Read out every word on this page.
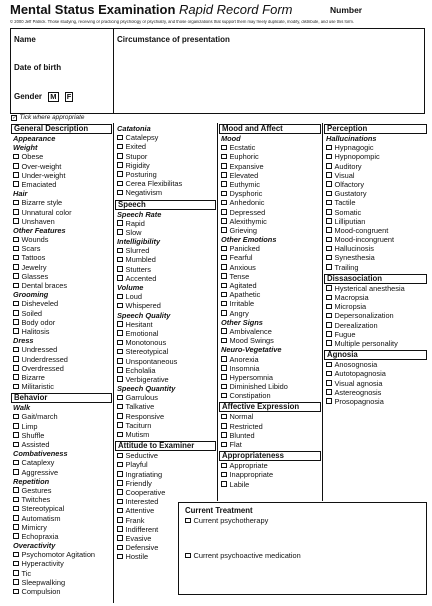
Mental Status Examination Rapid Record Form	Number
© 2000 Jeff Patrick. Those studying, receiving or practicing psychology or psychiatry, and those organizations that support them may freely duplicate, modify, distribute, and use this form.
Name
Date of birth
Gender M F
Circumstance of presentation
✓ Tick where appropriate
General Description
Appearance
Weight
Obese
Over-weight
Under-weight
Emaciated
Hair
Bizarre style
Unnatural color
Unshaven
Other Features
Wounds
Scars
Tattoos
Jewelry
Glasses
Dental braces
Grooming
Disheveled
Soiled
Body odor
Halitosis
Dress
Undressed
Underdressed
Overdressed
Bizarre
Militaristic
Behavior
Walk
Gait/march
Limp
Shuffle
Assisted
Combativeness
Cataplexy
Aggressive
Repetition
Gestures
Twitches
Stereotypical
Automatism
Mimicry
Echopraxia
Overactivity
Psychomotor Agitation
Hyperactivity
Tic
Sleepwalking
Compulsion
Catatonia
Catalepsy
Exited
Stupor
Rigidity
Posturing
Cerea Flexibilitas
Negativism
Speech
Speech Rate
Rapid
Slow
Intelligibility
Slurred
Mumbled
Stutters
Accented
Volume
Loud
Whispered
Speech Quality
Hesitant
Emotional
Monotonous
Stereotypical
Unspontaneous
Echolalia
Verbigerative
Speech Quantity
Garrulous
Talkative
Responsive
Taciturn
Mutism
Attitude to Examiner
Seductive
Playful
Ingratiating
Friendly
Cooperative
Interested
Attentive
Frank
Indifferent
Evasive
Defensive
Hostile
Mood and Affect
Mood
Ecstatic
Euphoric
Expansive
Elevated
Euthymic
Dysphoric
Anhedonic
Depressed
Alexithymic
Grieving
Other Emotions
Panicked
Fearful
Anxious
Tense
Agitated
Apathetic
Irritable
Angry
Other Signs
Ambivalence
Mood Swings
Neuro-Vegetative
Anorexia
Insomnia
Hypersomnia
Diminished Libido
Constipation
Affective Expression
Normal
Restricted
Blunted
Flat
Appropriateness
Appropriate
Inappropriate
Labile
Perception
Hallucinations
Hypnagogic
Hypnopompic
Auditory
Visual
Olfactory
Gustatory
Tactile
Somatic
Lilliputian
Mood-congruent
Mood-incongruent
Hallucinosis
Synesthesia
Trailing
Dissasociation
Hysterical anesthesia
Macropsia
Micropsia
Depersonalization
Derealization
Fugue
Multiple personality
Agnosia
Anosognosia
Autotopagnosia
Visual agnosia
Astereognosis
Prosopagnosia
Current Treatment
Current psychotherapy
Current psychoactive medication
